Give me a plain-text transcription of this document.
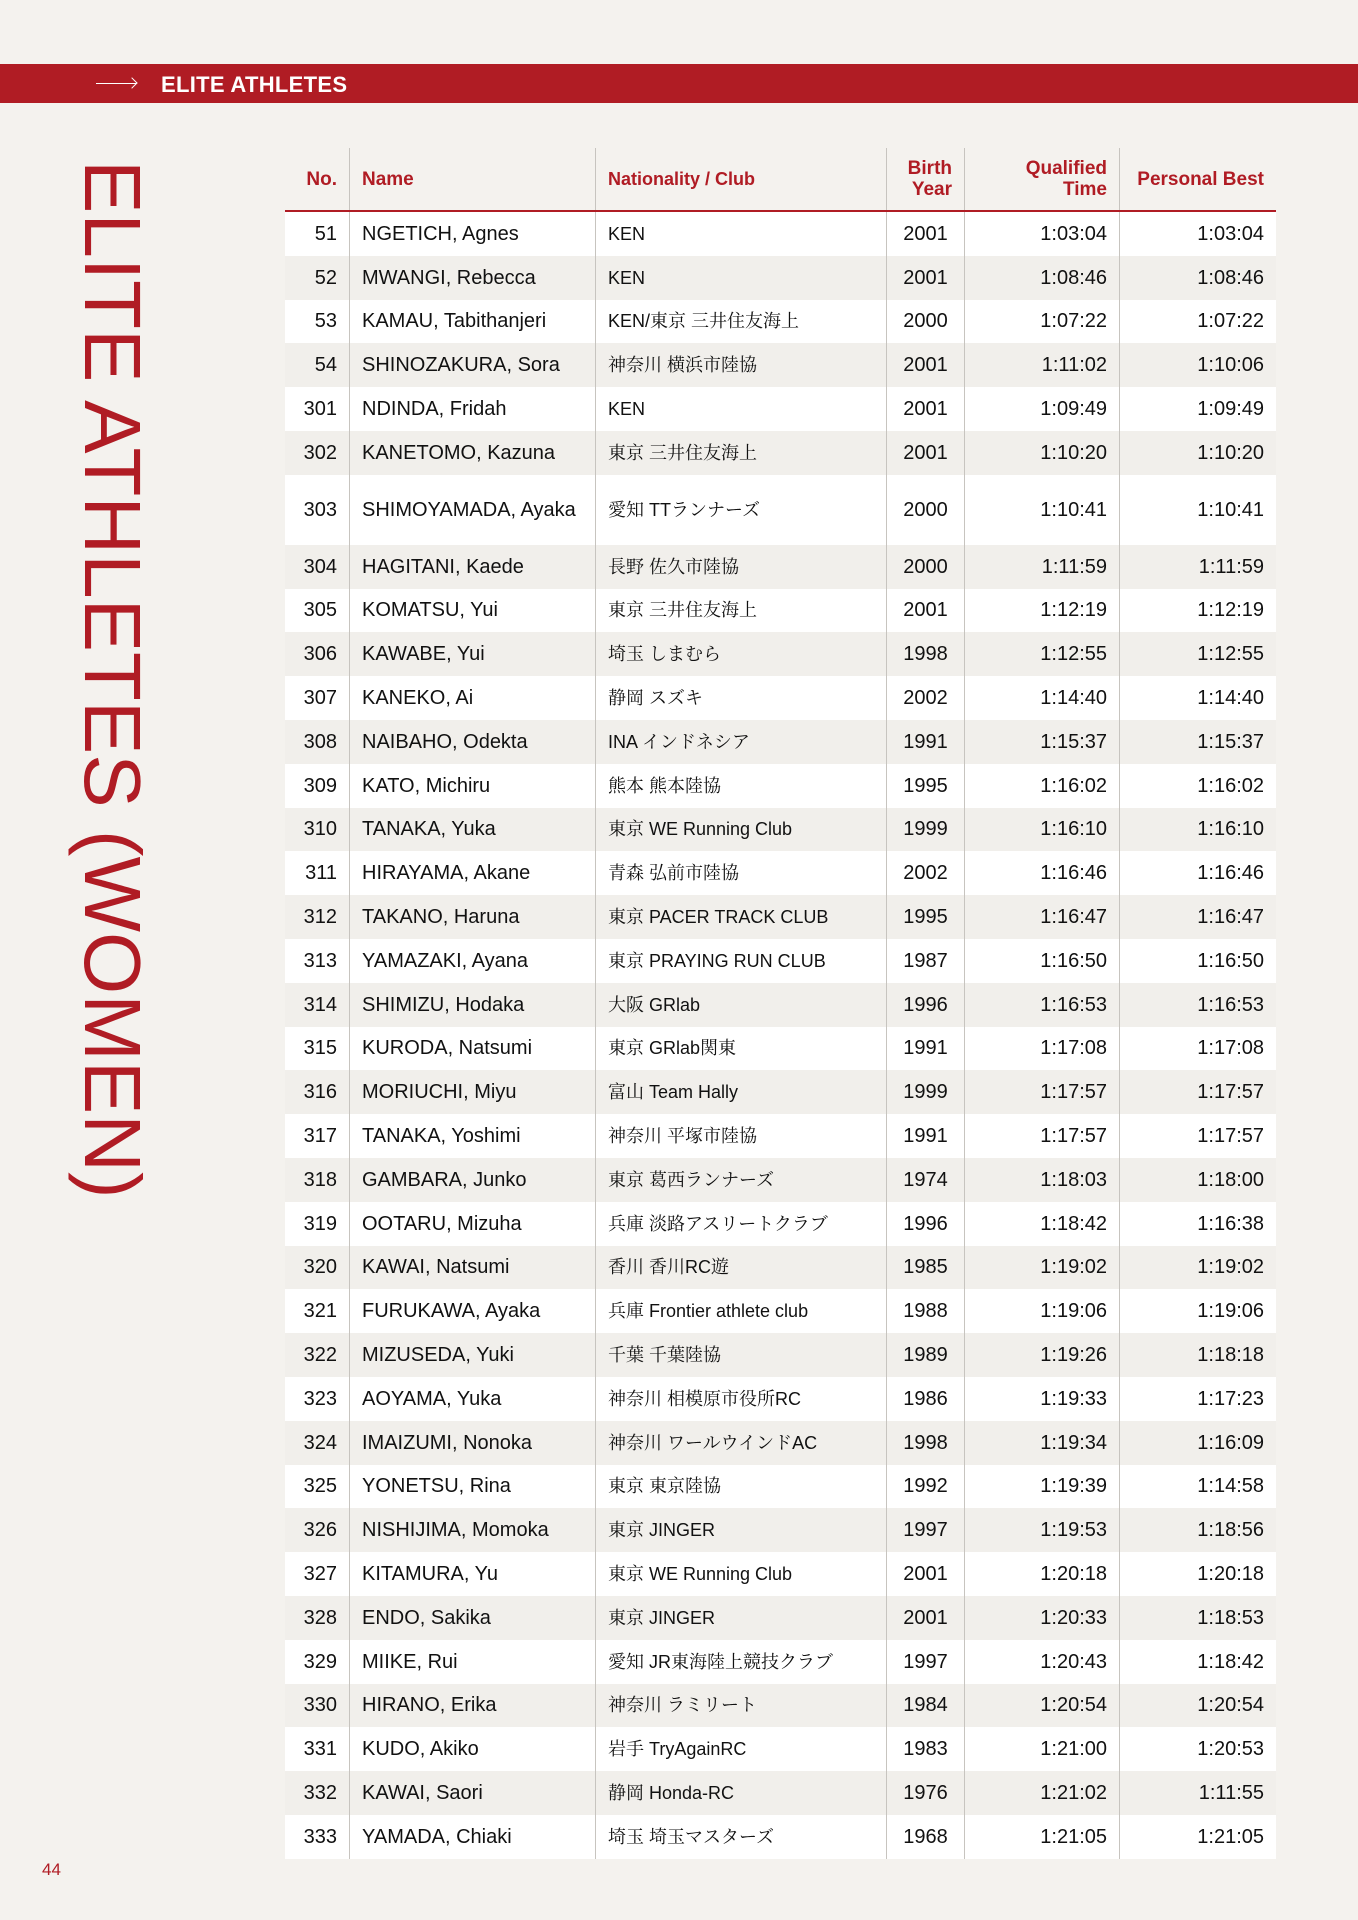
ELITE ATHLETES
ELITE ATHLETES (WOMEN)	No.	Name	Nationality / Club	Birth Year	Qualified Time	Personal Best
51	NGETICH, Agnes	KEN	2001	1:03:04	1:03:04
52	MWANGI, Rebecca	KEN	2001	1:08:46	1:08:46
53	KAMAU, Tabithanjeri	KEN/東京 三井住友海上	2000	1:07:22	1:07:22
54	SHINOZAKURA, Sora	神奈川 横浜市陸協	2001	1:11:02	1:10:06
301	NDINDA, Fridah	KEN	2001	1:09:49	1:09:49
302	KANETOMO, Kazuna	東京 三井住友海上	2001	1:10:20	1:10:20
303	SHIMOYAMADA, Ayaka	愛知 TTランナーズ	2000	1:10:41	1:10:41
304	HAGITANI, Kaede	長野 佐久市陸協	2000	1:11:59	1:11:59
305	KOMATSU, Yui	東京 三井住友海上	2001	1:12:19	1:12:19
306	KAWABE, Yui	埼玉 しまむら	1998	1:12:55	1:12:55
307	KANEKO, Ai	静岡 スズキ	2002	1:14:40	1:14:40
308	NAIBAHO, Odekta	INA インドネシア	1991	1:15:37	1:15:37
309	KATO, Michiru	熊本 熊本陸協	1995	1:16:02	1:16:02
310	TANAKA, Yuka	東京 WE Running Club	1999	1:16:10	1:16:10
311	HIRAYAMA, Akane	青森 弘前市陸協	2002	1:16:46	1:16:46
312	TAKANO, Haruna	東京 PACER TRACK CLUB	1995	1:16:47	1:16:47
313	YAMAZAKI, Ayana	東京 PRAYING RUN CLUB	1987	1:16:50	1:16:50
314	SHIMIZU, Hodaka	大阪 GRlab	1996	1:16:53	1:16:53
315	KURODA, Natsumi	東京 GRlab関東	1991	1:17:08	1:17:08
316	MORIUCHI, Miyu	富山 Team Hally	1999	1:17:57	1:17:57
317	TANAKA, Yoshimi	神奈川 平塚市陸協	1991	1:17:57	1:17:57
318	GAMBARA, Junko	東京 葛西ランナーズ	1974	1:18:03	1:18:00
319	OOTARU, Mizuha	兵庫 淡路アスリートクラブ	1996	1:18:42	1:16:38
320	KAWAI, Natsumi	香川 香川RC遊	1985	1:19:02	1:19:02
321	FURUKAWA, Ayaka	兵庫 Frontier athlete club	1988	1:19:06	1:19:06
322	MIZUSEDA, Yuki	千葉 千葉陸協	1989	1:19:26	1:18:18
323	AOYAMA, Yuka	神奈川 相模原市役所RC	1986	1:19:33	1:17:23
324	IMAIZUMI, Nonoka	神奈川 ワールウインドAC	1998	1:19:34	1:16:09
325	YONETSU, Rina	東京 東京陸協	1992	1:19:39	1:14:58
326	NISHIJIMA, Momoka	東京 JINGER	1997	1:19:53	1:18:56
327	KITAMURA, Yu	東京 WE Running Club	2001	1:20:18	1:20:18
328	ENDO, Sakika	東京 JINGER	2001	1:20:33	1:18:53
329	MIIKE, Rui	愛知 JR東海陸上競技クラブ	1997	1:20:43	1:18:42
330	HIRANO, Erika	神奈川 ラミリート	1984	1:20:54	1:20:54
331	KUDO, Akiko	岩手 TryAgainRC	1983	1:21:00	1:20:53
332	KAWAI, Saori	静岡 Honda-RC	1976	1:21:02	1:11:55
333	YAMADA, Chiaki	埼玉 埼玉マスターズ	1968	1:21:05	1:21:05
44
